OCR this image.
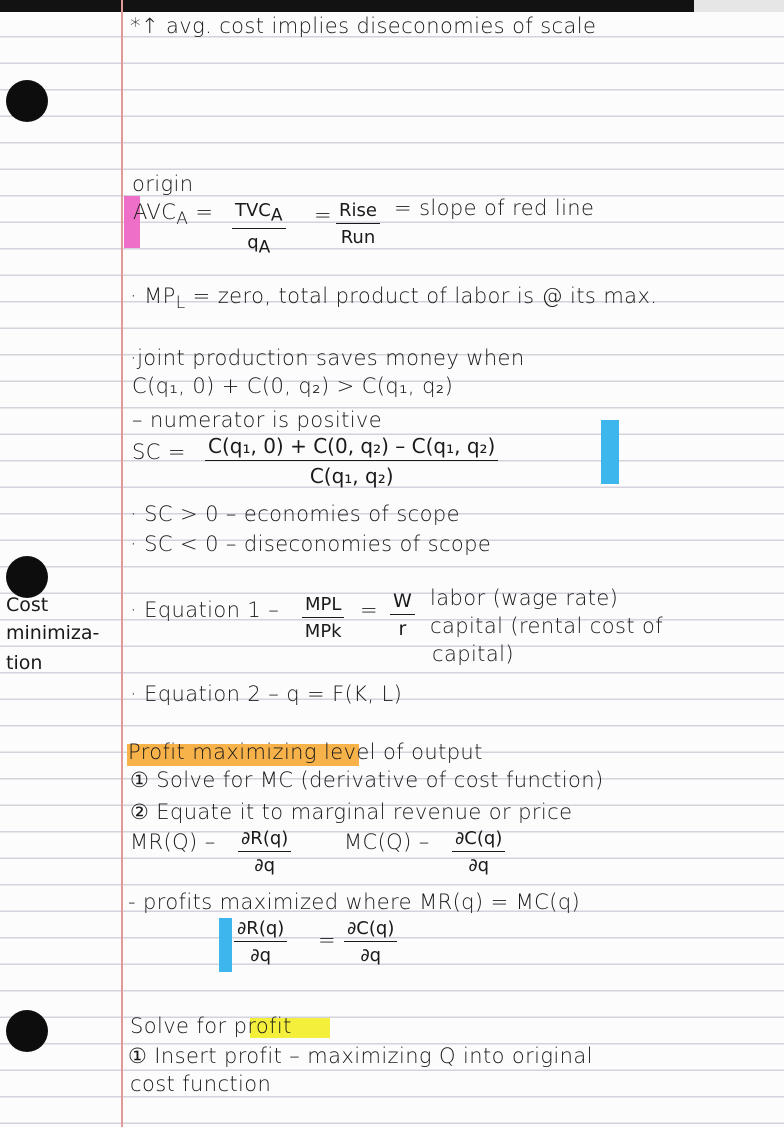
*↑ avg. cost implies diseconomies of scale
origin
$AVC_A = TVC_A$
$q_A$
= Rise
Run
= slope of red line
· $MP_L$ = zero, total product of labor is @ its max.
·joint production saves money when
C(q₁, 0) + C(0, q₂) > C(q₁, q₂)
– numerator is positive
SC = $\frac{\text{C(q₁, 0) + C(0, q₂) – C(q₁, q₂)}}{\text{C(q₁, q₂)}}$
· SC > 0 – economies of scope
· SC < 0 – diseconomies of scope
Cost
minimiza-
tion
· Equation 1 – MPL
MPk
= $\frac{W}{r}$ labor (wage rate)
capital (rental cost of
capital)
· Equation 2 – q = F(K, L)
Profit maximizing level of output
① Solve for MC (derivative of cost function)
② Equate it to marginal revenue or price
$MR(Q) - \frac{\partial R(q)}{\partial q}$	$MC(Q) - \frac{\partial C(q)}{\partial q}$
- profits maximized where MR(q) = MC(q)
$\frac{\partial R(q)}{\partial q} = \frac{\partial C(q)}{\partial q}$
Solve for profit
① Insert profit – maximizing Q into original
cost function
